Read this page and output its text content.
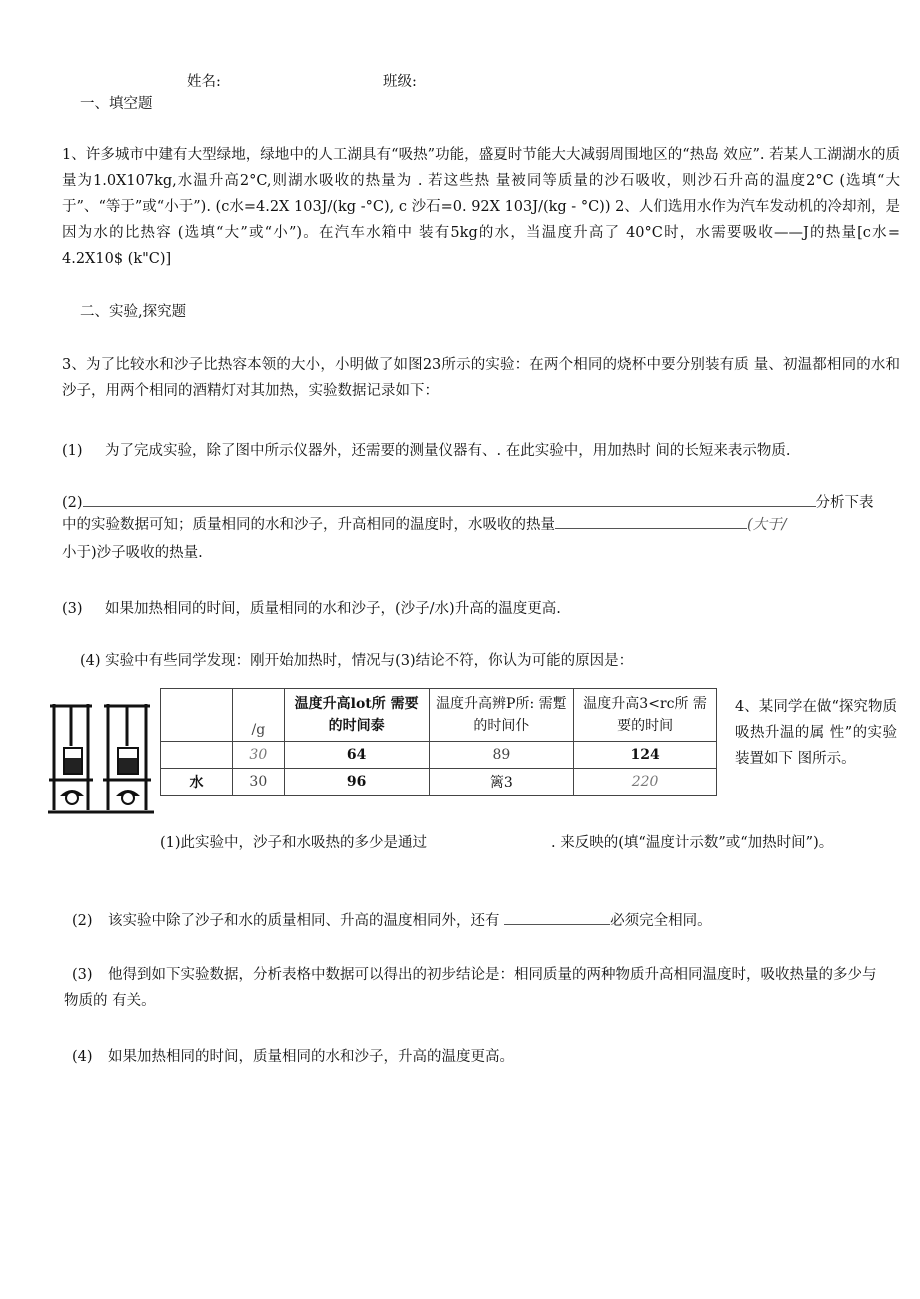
姓名:	班级:
一、填空题
1、许多城市中建有大型绿地，绿地中的人工湖具有“吸热”功能，盛夏时节能大大减弱周围地区的“热岛 效应”. 若某人工湖湖水的质量为1.0X107kg,水温升高2°C,则湖水吸收的热量为 . 若这些热 量被同等质量的沙石吸收，则沙石升高的温度2°C (选填“大于”、“等于”或“小于”). (c水=4.2X 103J/(kg -°C), c 沙石=0. 92X 103J/(kg - °C)) 2、人们选用水作为汽车发动机的冷却剂，是因为水的比热容 (选填“大”或“小”)。在汽车水箱中 装有5kg的水，当温度升高了 40°C时，水需要吸收——J的热量[c水= 4.2X10$ (k"C)]
二、实验,探究题
3、为了比较水和沙子比热容本领的大小，小明做了如图23所示的实验：在两个相同的烧杯中要分别装有质 量、初温都相同的水和沙子，用两个相同的酒精灯对其加热，实验数据记录如下：
(1) 为了完成实验，除了图中所示仪器外，还需要的测量仪器有、. 在此实验中，用加热时 间的长短来表示物质.
(2)	分析下表
中的实验数据可知；质量相同的水和沙子，升高相同的温度时，水吸收的热量	(大于/
小于)沙子吸收的热量.
(3) 如果加热相同的时间，质量相同的水和沙子，(沙子/水)升高的温度更高.
(4) 实验中有些同学发现：刚开始加热时，情况与(3)结论不符，你认为可能的原因是：
	/g	温度升高lot所 需要的时间泰	温度升高辨P所: 需蹔的时间仆	温度升高3<rc所 需要的时间
	30	64	89	124
水	30	96	篱3	220
4、某同学在做“探究物质吸热升温的属 性”的实验装置如下 图所示。
(1)此实验中，沙子和水吸热的多少是通过	. 来反映的(填“温度计示数”或“加热时间”)。
(2) 该实验中除了沙子和水的质量相同、升高的温度相同外，还有	必须完全相同。
(3)	他得到如下实验数据，分析表格中数据可以得出的初步结论是：相同质量的两种物质升高相同温度时，吸收热量的多少与物质的 有关。
(4) 如果加热相同的时间，质量相同的水和沙子，升高的温度更高。
